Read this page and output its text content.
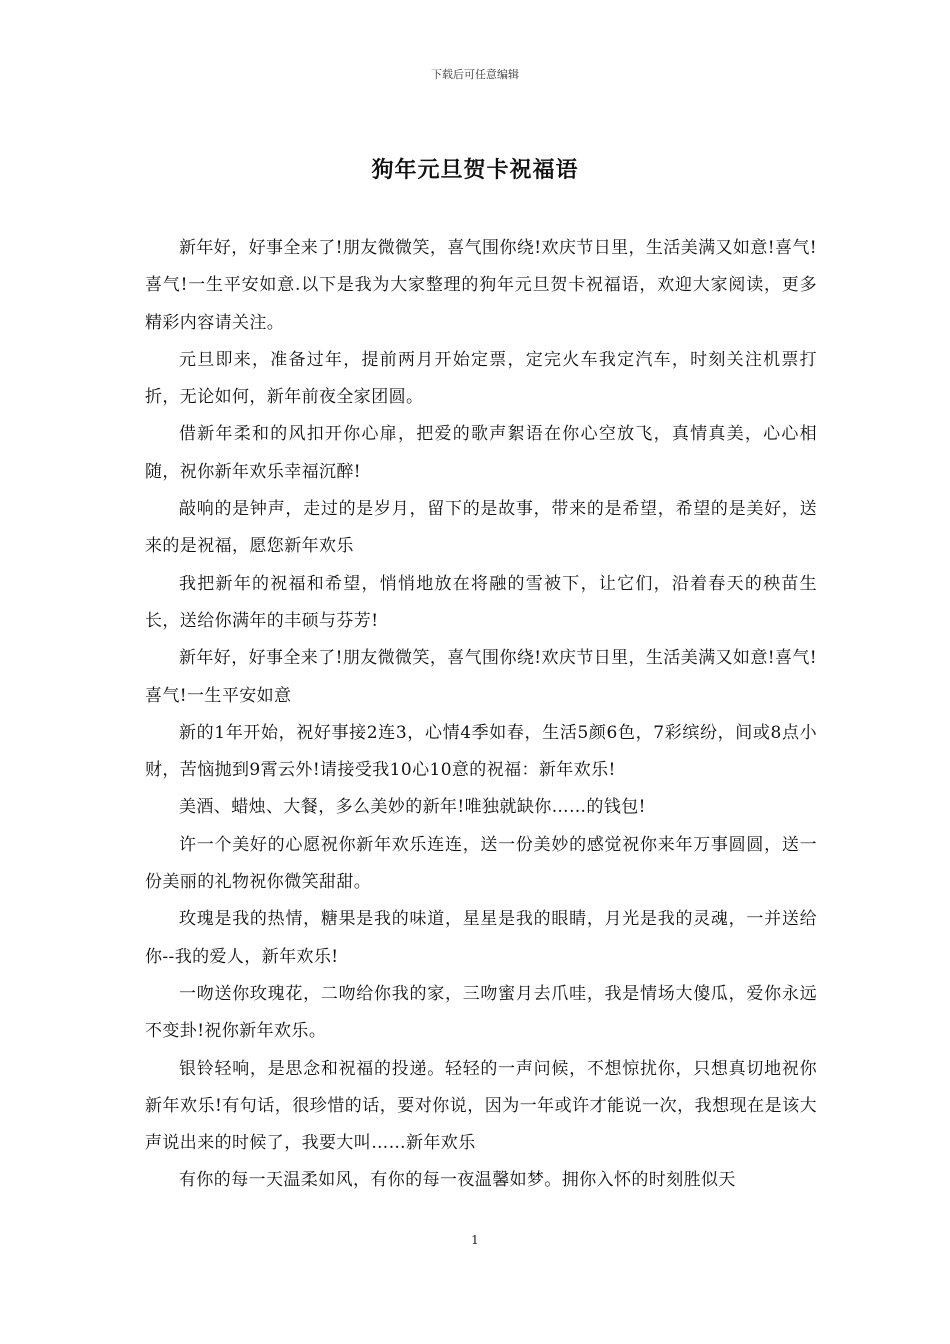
下载后可任意编辑
狗年元旦贺卡祝福语

新年好，好事全来了!朋友微微笑，喜气围你绕!欢庆节日里，生活美满又如意!喜气!喜气!一生平安如意.以下是我为大家整理的狗年元旦贺卡祝福语，欢迎大家阅读，更多精彩内容请关注。

元旦即来，准备过年，提前两月开始定票，定完火车我定汽车，时刻关注机票打折，无论如何，新年前夜全家团圆。

借新年柔和的风扣开你心扉，把爱的歌声絮语在你心空放飞，真情真美，心心相随，祝你新年欢乐幸福沉醉!

敲响的是钟声，走过的是岁月，留下的是故事，带来的是希望，希望的是美好，送来的是祝福，愿您新年欢乐

我把新年的祝福和希望，悄悄地放在将融的雪被下，让它们，沿着春天的秧苗生长，送给你满年的丰硕与芬芳!

新年好，好事全来了!朋友微微笑，喜气围你绕!欢庆节日里，生活美满又如意!喜气!喜气!一生平安如意

新的1年开始，祝好事接2连3，心情4季如春，生活5颜6色，7彩缤纷，间或8点小财，苦恼抛到9霄云外!请接受我10心10意的祝福：新年欢乐!

美酒、蜡烛、大餐，多么美妙的新年!唯独就缺你……的钱包!

许一个美好的心愿祝你新年欢乐连连，送一份美妙的感觉祝你来年万事圆圆，送一份美丽的礼物祝你微笑甜甜。

玫瑰是我的热情，糖果是我的味道，星星是我的眼睛，月光是我的灵魂，一并送给你--我的爱人，新年欢乐!

一吻送你玫瑰花，二吻给你我的家，三吻蜜月去爪哇，我是情场大傻瓜，爱你永远不变卦!祝你新年欢乐。

银铃轻响，是思念和祝福的投递。轻轻的一声问候，不想惊扰你，只想真切地祝你新年欢乐!有句话，很珍惜的话，要对你说，因为一年或许才能说一次，我想现在是该大声说出来的时候了，我要大叫……新年欢乐

有你的每一天温柔如风，有你的每一夜温馨如梦。拥你入怀的时刻胜似天

1
